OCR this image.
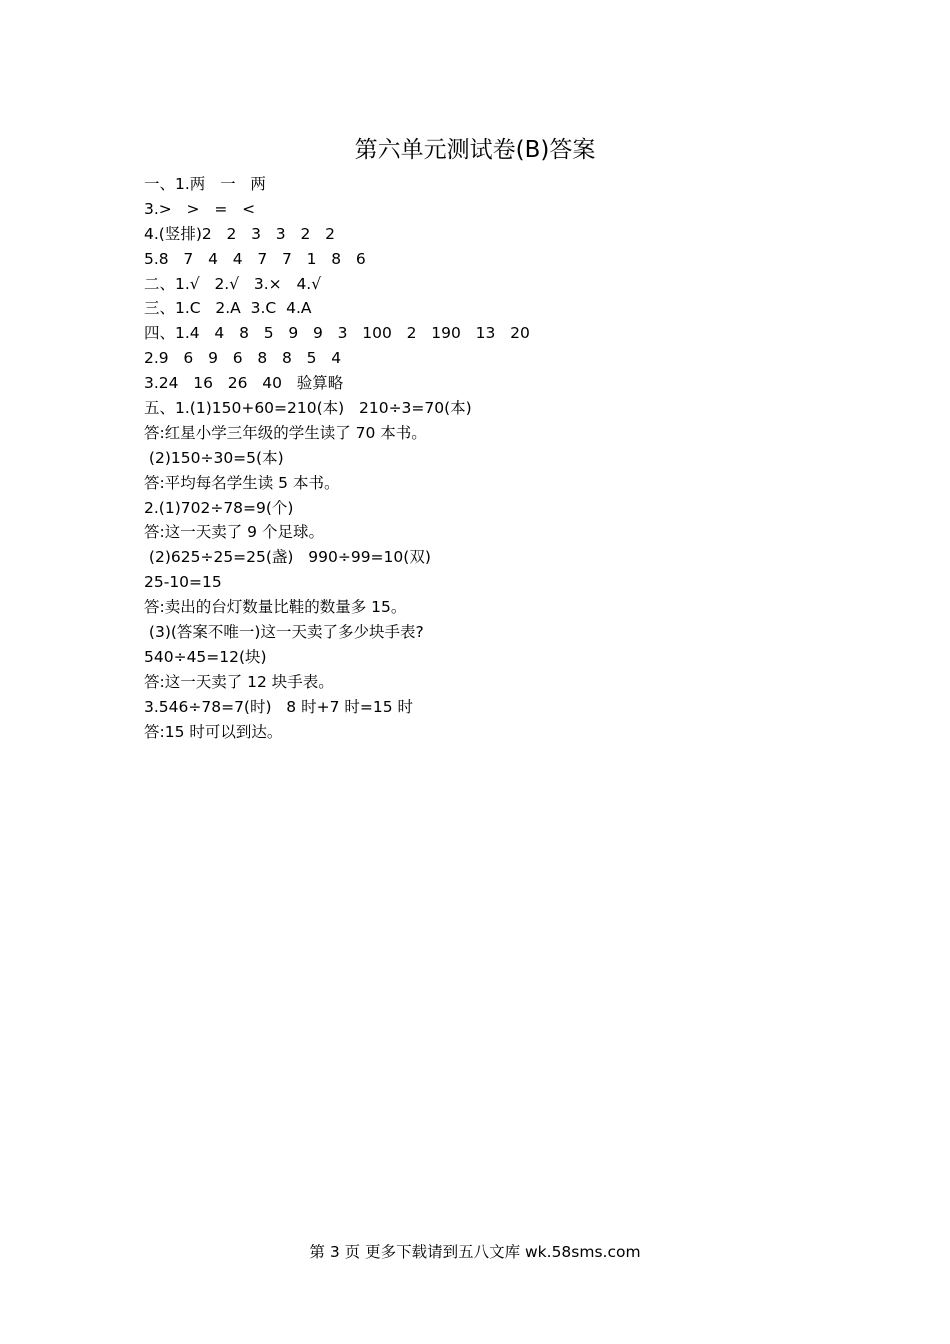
第六单元测试卷(B)答案
一、1.两   一   两
3.>   >   =   <
4.(竖排)2   2   3   3   2   2
5.8   7   4   4   7   7   1   8   6
二、1.√   2.√   3.×   4.√
三、1.C   2.A  3.C  4.A
四、1.4   4   8   5   9   9   3   100   2   190   13   20
2.9   6   9   6   8   8   5   4
3.24   16   26   40   验算略
五、1.(1)150+60=210(本)   210÷3=70(本)
答:红星小学三年级的学生读了 70 本书。
(2)150÷30=5(本)
答:平均每名学生读 5 本书。
2.(1)702÷78=9(个)
答:这一天卖了 9 个足球。
(2)625÷25=25(盏)   990÷99=10(双)
25-10=15
答:卖出的台灯数量比鞋的数量多 15。
(3)(答案不唯一)这一天卖了多少块手表?
540÷45=12(块)
答:这一天卖了 12 块手表。
3.546÷78=7(时)   8 时+7 时=15 时
答:15 时可以到达。
第 3 页 更多下载请到五八文库 wk.58sms.com
